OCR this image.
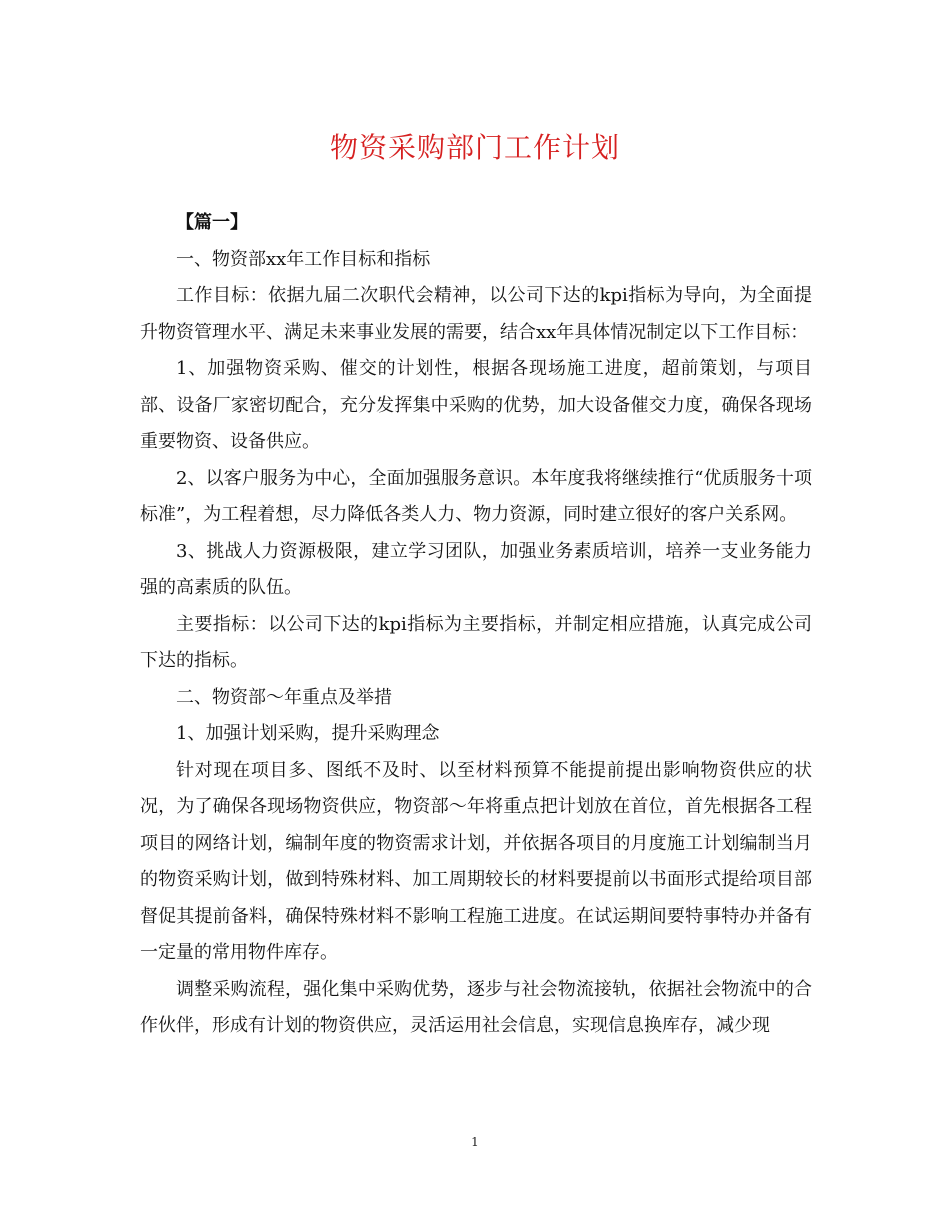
物资采购部门工作计划

【篇一】

一、物资部xx年工作目标和指标

工作目标：依据九届二次职代会精神，以公司下达的kpi指标为导向，为全面提升物资管理水平、满足未来事业发展的需要，结合xx年具体情况制定以下工作目标：

1、加强物资采购、催交的计划性，根据各现场施工进度，超前策划，与项目部、设备厂家密切配合，充分发挥集中采购的优势，加大设备催交力度，确保各现场重要物资、设备供应。

2、以客户服务为中心，全面加强服务意识。本年度我将继续推行“优质服务十项标准”，为工程着想，尽力降低各类人力、物力资源，同时建立很好的客户关系网。

3、挑战人力资源极限，建立学习团队，加强业务素质培训，培养一支业务能力强的高素质的队伍。

主要指标：以公司下达的kpi指标为主要指标，并制定相应措施，认真完成公司下达的指标。

二、物资部～年重点及举措

1、加强计划采购，提升采购理念

针对现在项目多、图纸不及时、以至材料预算不能提前提出影响物资供应的状况，为了确保各现场物资供应，物资部～年将重点把计划放在首位，首先根据各工程项目的网络计划，编制年度的物资需求计划，并依据各项目的月度施工计划编制当月的物资采购计划，做到特殊材料、加工周期较长的材料要提前以书面形式提给项目部督促其提前备料，确保特殊材料不影响工程施工进度。在试运期间要特事特办并备有一定量的常用物件库存。

调整采购流程，强化集中采购优势，逐步与社会物流接轨，依据社会物流中的合作伙伴，形成有计划的物资供应，灵活运用社会信息，实现信息换库存，减少现

1
